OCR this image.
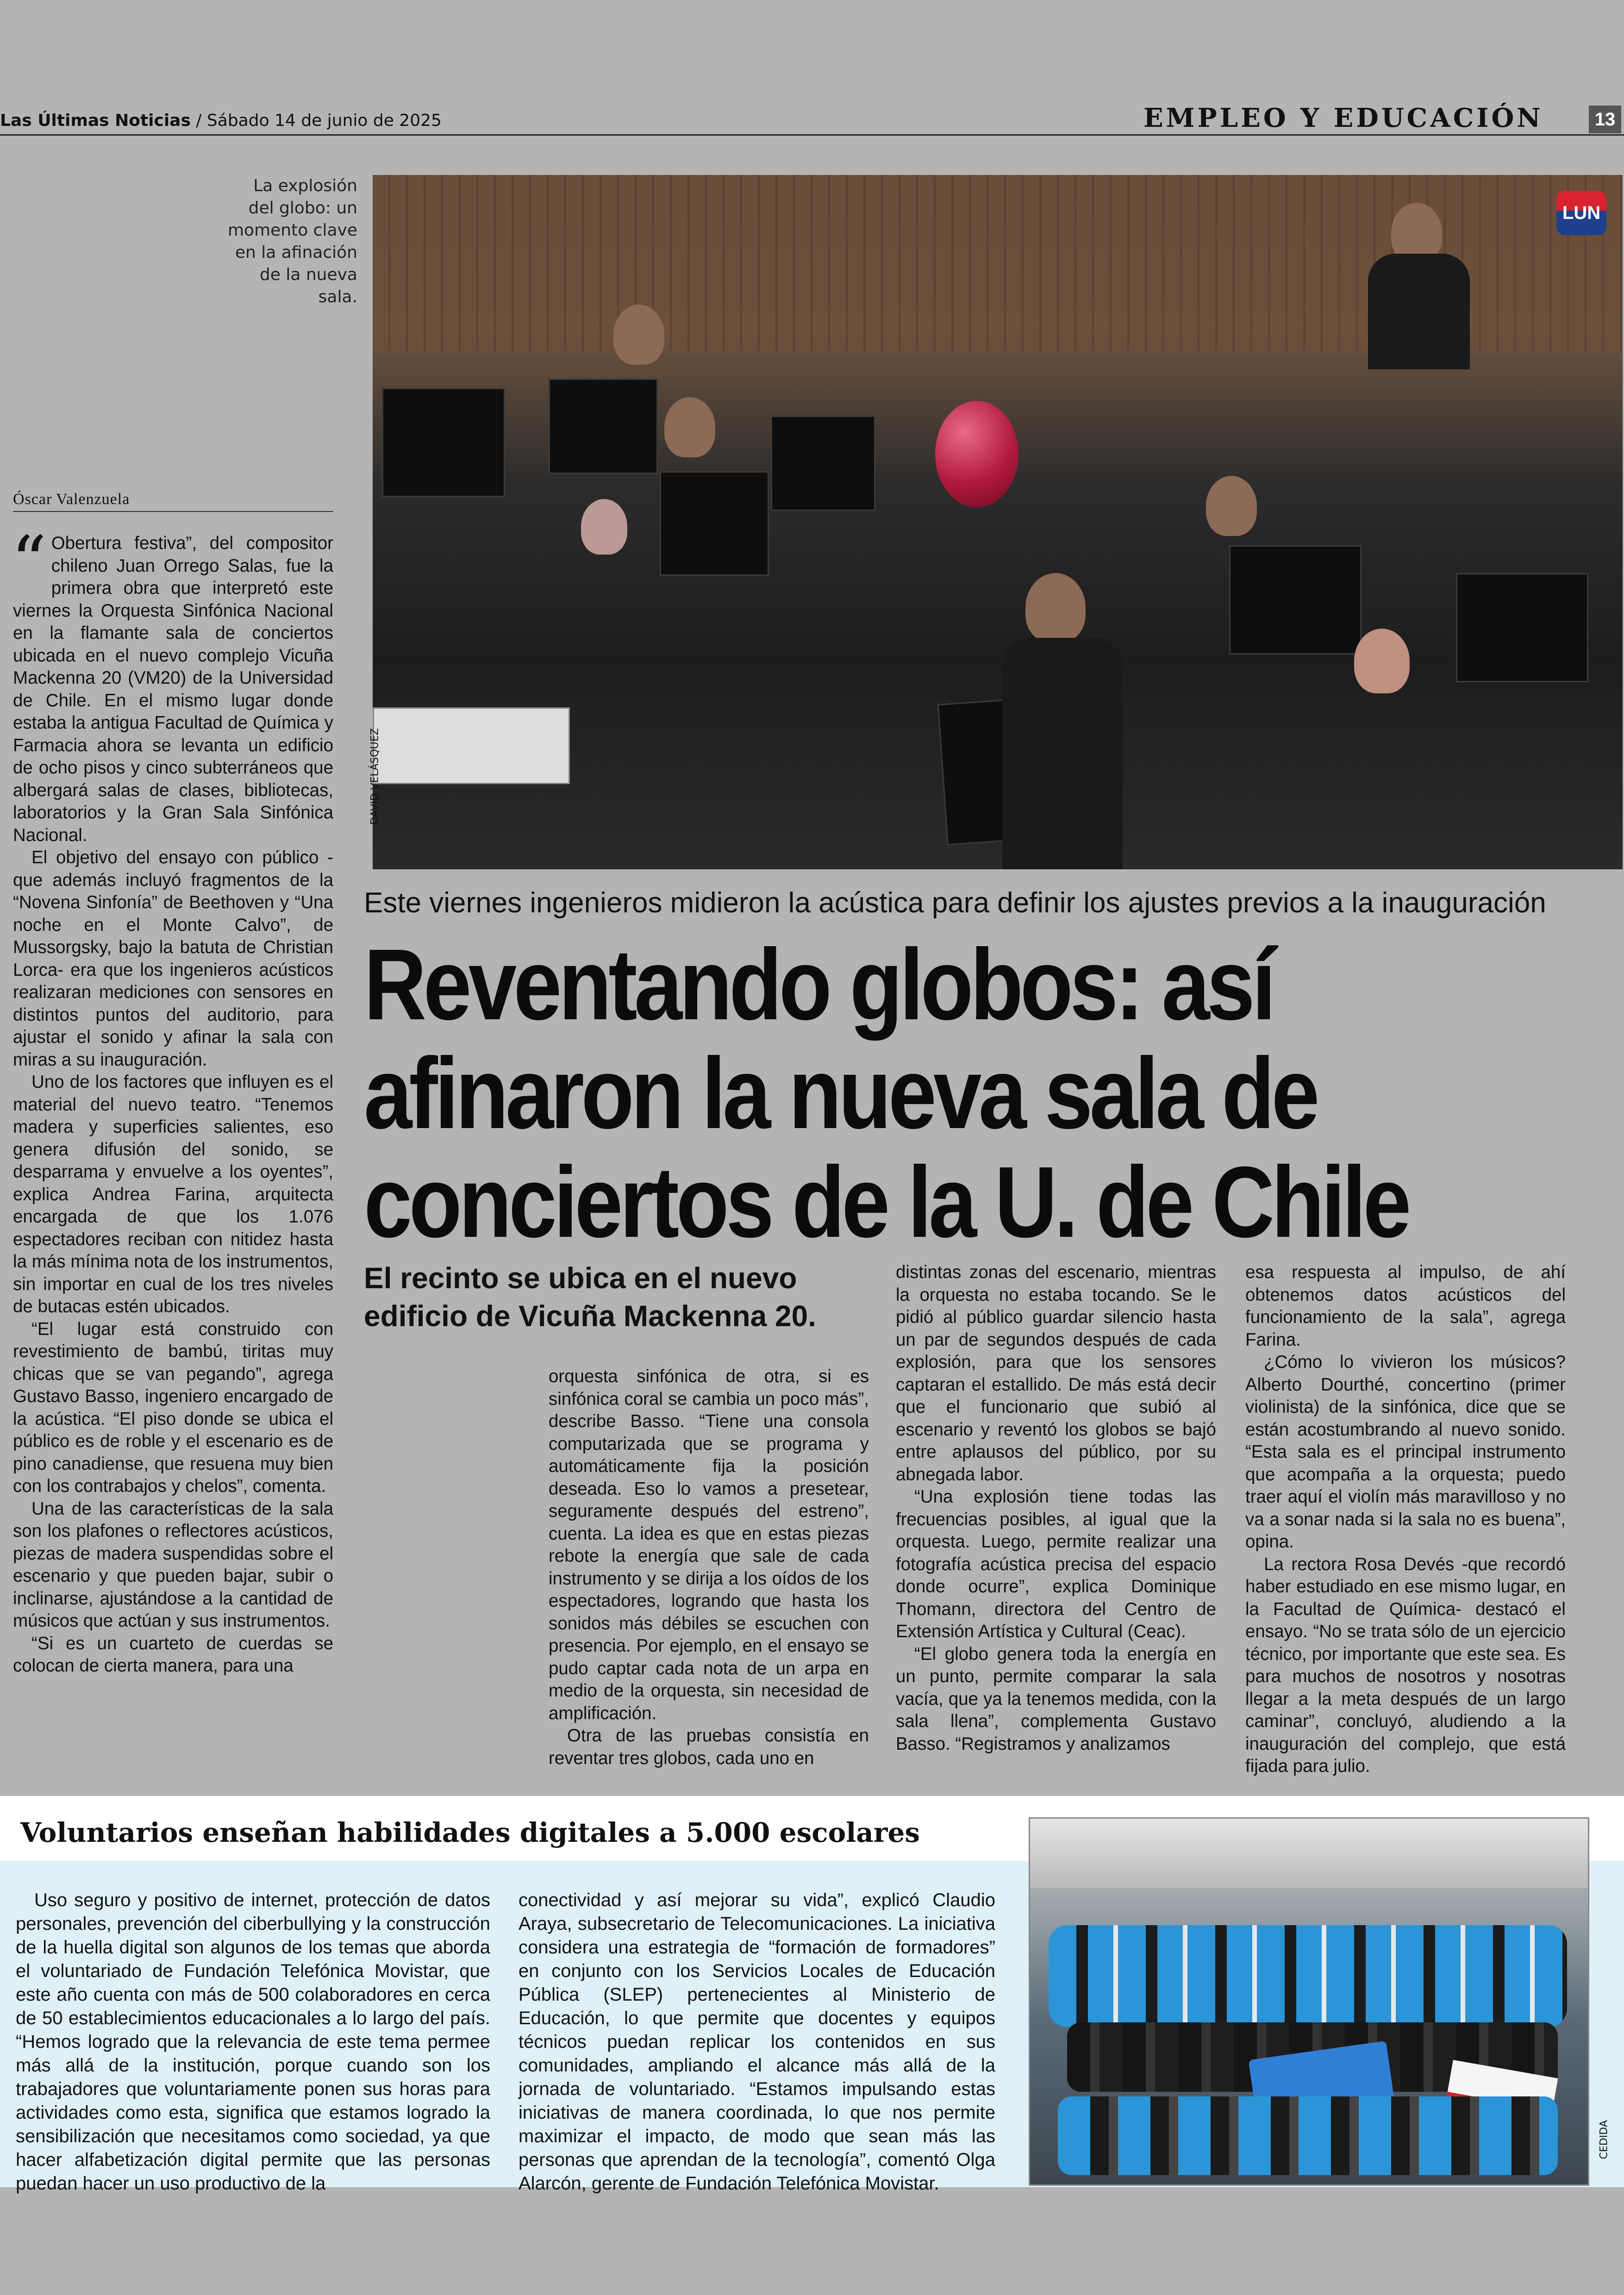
Las Últimas Noticias / Sábado 14 de junio de 2025	EMPLEO Y EDUCACIÓN	13
La explosión del globo: un momento clave en la afinación de la nueva sala.
LUN
DAVID VELÁSQUEZ
Óscar Valenzuela

“ Obertura festiva”, del compositor chileno Juan Orrego Salas, fue la primera obra que interpretó este viernes la Orquesta Sinfónica Nacional en la flamante sala de conciertos ubicada en el nuevo complejo Vicuña Mackenna 20 (VM20) de la Universidad de Chile. En el mismo lugar donde estaba la antigua Facultad de Química y Farmacia ahora se levanta un edificio de ocho pisos y cinco subterráneos que albergará salas de clases, bibliotecas, laboratorios y la Gran Sala Sinfónica Nacional.

El objetivo del ensayo con público -que además incluyó fragmentos de la “Novena Sinfonía” de Beethoven y “Una noche en el Monte Calvo”, de Mussorgsky, bajo la batuta de Christian Lorca- era que los ingenieros acústicos realizaran mediciones con sensores en distintos puntos del auditorio, para ajustar el sonido y afinar la sala con miras a su inauguración.

Uno de los factores que influyen es el material del nuevo teatro. “Tenemos madera y superficies salientes, eso genera difusión del sonido, se desparrama y envuelve a los oyentes”, explica Andrea Farina, arquitecta encargada de que los 1.076 espectadores reciban con nitidez hasta la más mínima nota de los instrumentos, sin importar en cual de los tres niveles de butacas estén ubicados.

“El lugar está construido con revestimiento de bambú, tiritas muy chicas que se van pegando”, agrega Gustavo Basso, ingeniero encargado de la acústica. “El piso donde se ubica el público es de roble y el escenario es de pino canadiense, que resuena muy bien con los contrabajos y chelos”, comenta.

Una de las características de la sala son los plafones o reflectores acústicos, piezas de madera suspendidas sobre el escenario y que pueden bajar, subir o inclinarse, ajustándose a la cantidad de músicos que actúan y sus instrumentos.

“Si es un cuarteto de cuerdas se colocan de cierta manera, para una

Este viernes ingenieros midieron la acústica para definir los ajustes previos a la inauguración
Reventando globos: así afinaron la nueva sala de conciertos de la U. de Chile
El recinto se ubica en el nuevo edificio de Vicuña Mackenna 20.

orquesta sinfónica de otra, si es sinfónica coral se cambia un poco más”, describe Basso. “Tiene una consola computarizada que se programa y automáticamente fija la posición deseada. Eso lo vamos a presetear, seguramente después del estreno”, cuenta. La idea es que en estas piezas rebote la energía que sale de cada instrumento y se dirija a los oídos de los espectadores, logrando que hasta los sonidos más débiles se escuchen con presencia. Por ejemplo, en el ensayo se pudo captar cada nota de un arpa en medio de la orquesta, sin necesidad de amplificación.

Otra de las pruebas consistía en reventar tres globos, cada uno en

distintas zonas del escenario, mientras la orquesta no estaba tocando. Se le pidió al público guardar silencio hasta un par de segundos después de cada explosión, para que los sensores captaran el estallido. De más está decir que el funcionario que subió al escenario y reventó los globos se bajó entre aplausos del público, por su abnegada labor.

“Una explosión tiene todas las frecuencias posibles, al igual que la orquesta. Luego, permite realizar una fotografía acústica precisa del espacio donde ocurre”, explica Dominique Thomann, directora del Centro de Extensión Artística y Cultural (Ceac).

“El globo genera toda la energía en un punto, permite comparar la sala vacía, que ya la tenemos medida, con la sala llena”, complementa Gustavo Basso. “Registramos y analizamos

esa respuesta al impulso, de ahí obtenemos datos acústicos del funcionamiento de la sala”, agrega Farina.

¿Cómo lo vivieron los músicos? Alberto Dourthé, concertino (primer violinista) de la sinfónica, dice que se están acostumbrando al nuevo sonido. “Esta sala es el principal instrumento que acompaña a la orquesta; puedo traer aquí el violín más maravilloso y no va a sonar nada si la sala no es buena”, opina.

La rectora Rosa Devés -que recordó haber estudiado en ese mismo lugar, en la Facultad de Química- destacó el ensayo. “No se trata sólo de un ejercicio técnico, por importante que este sea. Es para muchos de nosotros y nosotras llegar a la meta después de un largo caminar”, concluyó, aludiendo a la inauguración del complejo, que está fijada para julio.

Voluntarios enseñan habilidades digitales a 5.000 escolares

Uso seguro y positivo de internet, protección de datos personales, prevención del ciberbullying y la construcción de la huella digital son algunos de los temas que aborda el voluntariado de Fundación Telefónica Movistar, que este año cuenta con más de 500 colaboradores en cerca de 50 establecimientos educacionales a lo largo del país. “Hemos logrado que la relevancia de este tema permee más allá de la institución, porque cuando son los trabajadores que voluntariamente ponen sus horas para actividades como esta, significa que estamos logrado la sensibilización que necesitamos como sociedad, ya que hacer alfabetización digital permite que las personas puedan hacer un uso productivo de la

conectividad y así mejorar su vida”, explicó Claudio Araya, subsecretario de Telecomunicaciones. La iniciativa considera una estrategia de “formación de formadores” en conjunto con los Servicios Locales de Educación Pública (SLEP) pertenecientes al Ministerio de Educación, lo que permite que docentes y equipos técnicos puedan replicar los contenidos en sus comunidades, ampliando el alcance más allá de la jornada de voluntariado. “Estamos impulsando estas iniciativas de manera coordinada, lo que nos permite maximizar el impacto, de modo que sean más las personas que aprendan de la tecnología”, comentó Olga Alarcón, gerente de Fundación Telefónica Movistar.

CEDIDA
